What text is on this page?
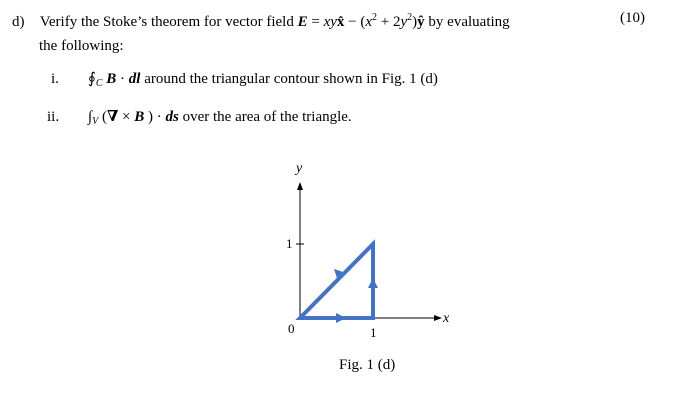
d) Verify the Stoke’s theorem for vector field E = xyx̂ − ($x^2$ + $2y^2)ŷ$ by evaluating	(10)
the following:
i. $∮_C$ B · dl around the triangular contour shown in Fig. 1 (d)
ii. $\int_V$ (∇ × B ) · ds over the area of the triangle.
y
x
0	1
1
Fig. 1 (d)
